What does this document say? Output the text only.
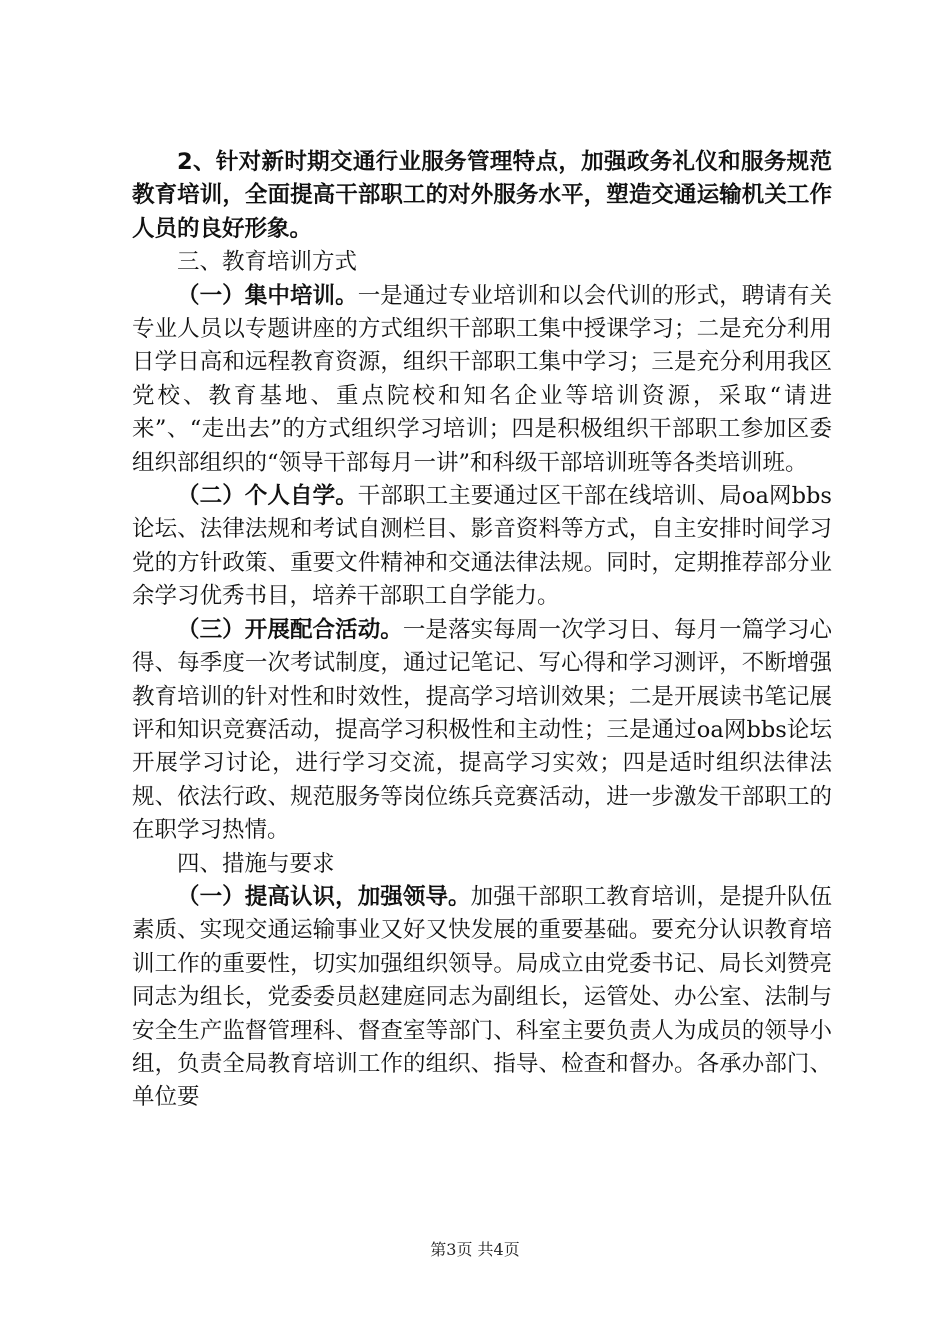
2、针对新时期交通行业服务管理特点，加强政务礼仪和服务规范教育培训，全面提高干部职工的对外服务水平，塑造交通运输机关工作人员的良好形象。

三、教育培训方式

（一）集中培训。一是通过专业培训和以会代训的形式，聘请有关专业人员以专题讲座的方式组织干部职工集中授课学习；二是充分利用日学日高和远程教育资源，组织干部职工集中学习；三是充分利用我区党校、教育基地、重点院校和知名企业等培训资源，采取“请进来”、“走出去”的方式组织学习培训；四是积极组织干部职工参加区委组织部组织的“领导干部每月一讲”和科级干部培训班等各类培训班。

（二）个人自学。干部职工主要通过区干部在线培训、局oa网bbs论坛、法律法规和考试自测栏目、影音资料等方式，自主安排时间学习党的方针政策、重要文件精神和交通法律法规。同时，定期推荐部分业余学习优秀书目，培养干部职工自学能力。

（三）开展配合活动。一是落实每周一次学习日、每月一篇学习心得、每季度一次考试制度，通过记笔记、写心得和学习测评，不断增强教育培训的针对性和时效性，提高学习培训效果；二是开展读书笔记展评和知识竞赛活动，提高学习积极性和主动性；三是通过oa网bbs论坛开展学习讨论，进行学习交流，提高学习实效；四是适时组织法律法规、依法行政、规范服务等岗位练兵竞赛活动，进一步激发干部职工的在职学习热情。

四、措施与要求

（一）提高认识，加强领导。加强干部职工教育培训，是提升队伍素质、实现交通运输事业又好又快发展的重要基础。要充分认识教育培训工作的重要性，切实加强组织领导。局成立由党委书记、局长刘赞亮同志为组长，党委委员赵建庭同志为副组长，运管处、办公室、法制与安全生产监督管理科、督查室等部门、科室主要负责人为成员的领导小组，负责全局教育培训工作的组织、指导、检查和督办。各承办部门、单位要

第3页 共4页
